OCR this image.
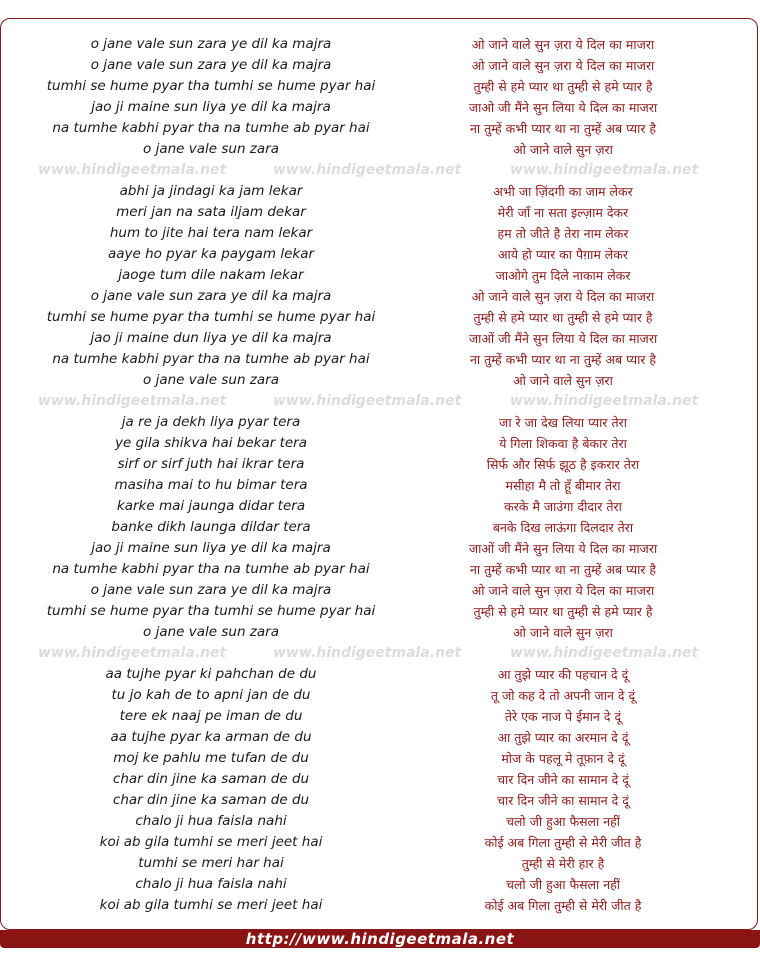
o jane vale sun zara ye dil ka majra	ओ जाने वाले सुन ज़रा ये दिल का माजरा
o jane vale sun zara ye dil ka majra	ओ जाने वाले सुन ज़रा ये दिल का माजरा
tumhi se hume pyar tha tumhi se hume pyar hai	तुम्ही से हमे प्यार था तुम्ही से हमे प्यार है
jao ji maine sun liya ye dil ka majra	जाओ जी मैंने सुन लिया ये दिल का माजरा
na tumhe kabhi pyar tha na tumhe ab pyar hai	ना तुम्हें कभी प्यार था ना तुम्हें अब प्यार है
o jane vale sun zara	ओ जाने वाले सुन ज़रा
abhi ja jindagi ka jam lekar	अभी जा ज़िंदगी का जाम लेकर
meri jan na sata iljam dekar	मेरी जाँ ना सता इल्ज़ाम देकर
hum to jite hai tera nam lekar	हम तो जीते है तेरा नाम लेकर
aaye ho pyar ka paygam lekar	आये हो प्यार का पैग़ाम लेकर
jaoge tum dile nakam lekar	जाओगे तुम दिले नाकाम लेकर
o jane vale sun zara ye dil ka majra	ओ जाने वाले सुन ज़रा ये दिल का माजरा
tumhi se hume pyar tha tumhi se hume pyar hai	तुम्ही से हमे प्यार था तुम्ही से हमे प्यार है
jao ji maine dun liya ye dil ka majra	जाओं जी मैंने सुन लिया ये दिल का माजरा
na tumhe kabhi pyar tha na tumhe ab pyar hai	ना तुम्हें कभी प्यार था ना तुम्हें अब प्यार है
o jane vale sun zara	ओ जाने वाले सुन ज़रा
ja re ja dekh liya pyar tera	जा रे जा देख लिया प्यार तेरा
ye gila shikva hai bekar tera	ये गिला शिकवा है बेकार तेरा
sirf or sirf juth hai ikrar tera	सिर्फ और सिर्फ झूठ है इकरार तेरा
masiha mai to hu bimar tera	मसीहा मै तो हूँ बीमार तेरा
karke mai jaunga didar tera	करके मै जाउंगा दीदार तेरा
banke dikh launga dildar tera	बनके दिख लाऊंगा दिलदार तेरा
jao ji maine sun liya ye dil ka majra	जाओं जी मैंने सुन लिया ये दिल का माजरा
na tumhe kabhi pyar tha na tumhe ab pyar hai	ना तुम्हें कभी प्यार था ना तुम्हें अब प्यार है
o jane vale sun zara ye dil ka majra	ओ जाने वाले सुन ज़रा ये दिल का माजरा
tumhi se hume pyar tha tumhi se hume pyar hai	तुम्ही से हमे प्यार था तुम्ही से हमे प्यार है
o jane vale sun zara	ओ जाने वाले सुन ज़रा
aa tujhe pyar ki pahchan de du	आ तुझे प्यार की पहचान दे दूं
tu jo kah de to apni jan de du	तू जो कह दे तो अपनी जान दे दूं
tere ek naaj pe iman de du	तेरे एक नाज पे ईमान दे दूं
aa tujhe pyar ka arman de du	आ तुझे प्यार का अरमान दे दूं
moj ke pahlu me tufan de du	मोज के पहलू मे तूफ़ान दे दूं
char din jine ka saman de du	चार दिन जीने का सामान दे दूं
char din jine ka saman de du	चार दिन जीने का सामान दे दूं
chalo ji hua faisla nahi	चलो जी हुआ फैसला नहीं
koi ab gila tumhi se meri jeet hai	कोई अब गिला तुम्ही से मेरी जीत है
tumhi se meri har hai	तुम्ही से मेरी हार है
chalo ji hua faisla nahi	चलो जी हुआ फैसला नहीं
koi ab gila tumhi se meri jeet hai	कोई अब गिला तुम्ही से मेरी जीत है
www.hindigeetmala.net	www.hindigeetmala.net	www.hindigeetmala.net
www.hindigeetmala.net	www.hindigeetmala.net	www.hindigeetmala.net
www.hindigeetmala.net	www.hindigeetmala.net	www.hindigeetmala.net
http://www.hindigeetmala.net
